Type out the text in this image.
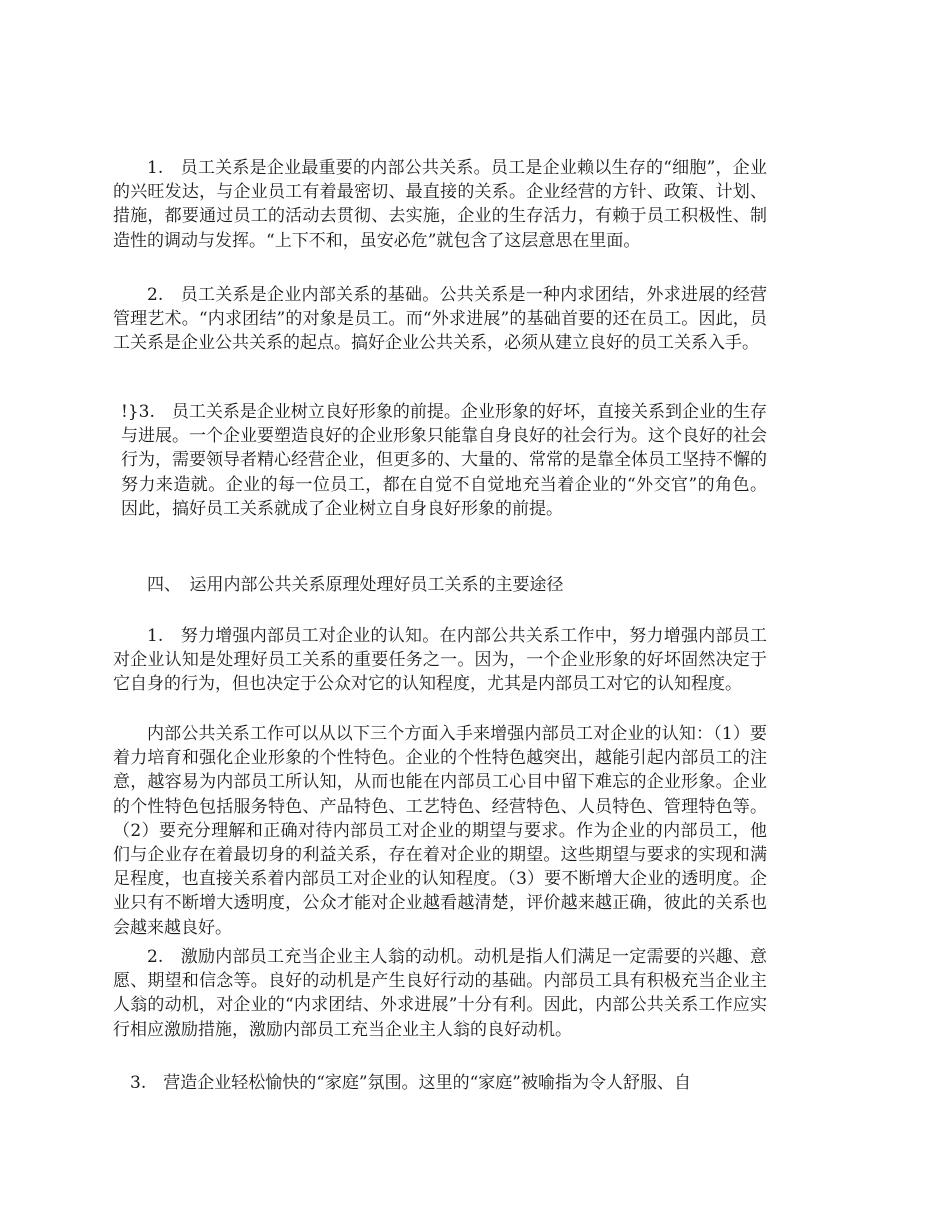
1.　员工关系是企业最重要的内部公共关系。员工是企业赖以生存的“细胞”，企业的兴旺发达，与企业员工有着最密切、最直接的关系。企业经营的方针、政策、计划、措施，都要通过员工的活动去贯彻、去实施，企业的生存活力，有赖于员工积极性、制造性的调动与发挥。“上下不和，虽安必危”就包含了这层意思在里面。

2.　员工关系是企业内部关系的基础。公共关系是一种内求团结，外求进展的经营管理艺术。“内求团结”的对象是员工。而“外求进展”的基础首要的还在员工。因此，员工关系是企业公共关系的起点。搞好企业公共关系，必须从建立良好的员工关系入手。

!}3.　员工关系是企业树立良好形象的前提。企业形象的好坏，直接关系到企业的生存与进展。一个企业要塑造良好的企业形象只能靠自身良好的社会行为。这个良好的社会行为，需要领导者精心经营企业，但更多的、大量的、常常的是靠全体员工坚持不懈的努力来造就。企业的每一位员工，都在自觉不自觉地充当着企业的“外交官”的角色。因此，搞好员工关系就成了企业树立自身良好形象的前提。

四、　运用内部公共关系原理处理好员工关系的主要途径

1.　努力增强内部员工对企业的认知。在内部公共关系工作中，努力增强内部员工对企业认知是处理好员工关系的重要任务之一。因为，一个企业形象的好坏固然决定于它自身的行为，但也决定于公众对它的认知程度，尤其是内部员工对它的认知程度。

内部公共关系工作可以从以下三个方面入手来增强内部员工对企业的认知：（1）要着力培育和强化企业形象的个性特色。企业的个性特色越突出，越能引起内部员工的注意，越容易为内部员工所认知，从而也能在内部员工心目中留下难忘的企业形象。企业的个性特色包括服务特色、产品特色、工艺特色、经营特色、人员特色、管理特色等。（2）要充分理解和正确对待内部员工对企业的期望与要求。作为企业的内部员工，他们与企业存在着最切身的利益关系，存在着对企业的期望。这些期望与要求的实现和满足程度，也直接关系着内部员工对企业的认知程度。（3）要不断增大企业的透明度。企业只有不断增大透明度，公众才能对企业越看越清楚，评价越来越正确，彼此的关系也会越来越良好。

2.　激励内部员工充当企业主人翁的动机。动机是指人们满足一定需要的兴趣、意愿、期望和信念等。良好的动机是产生良好行动的基础。内部员工具有积极充当企业主人翁的动机，对企业的“内求团结、外求进展”十分有利。因此，内部公共关系工作应实行相应激励措施，激励内部员工充当企业主人翁的良好动机。

3.　营造企业轻松愉快的“家庭”氛围。这里的“家庭”被喻指为令人舒服、自
